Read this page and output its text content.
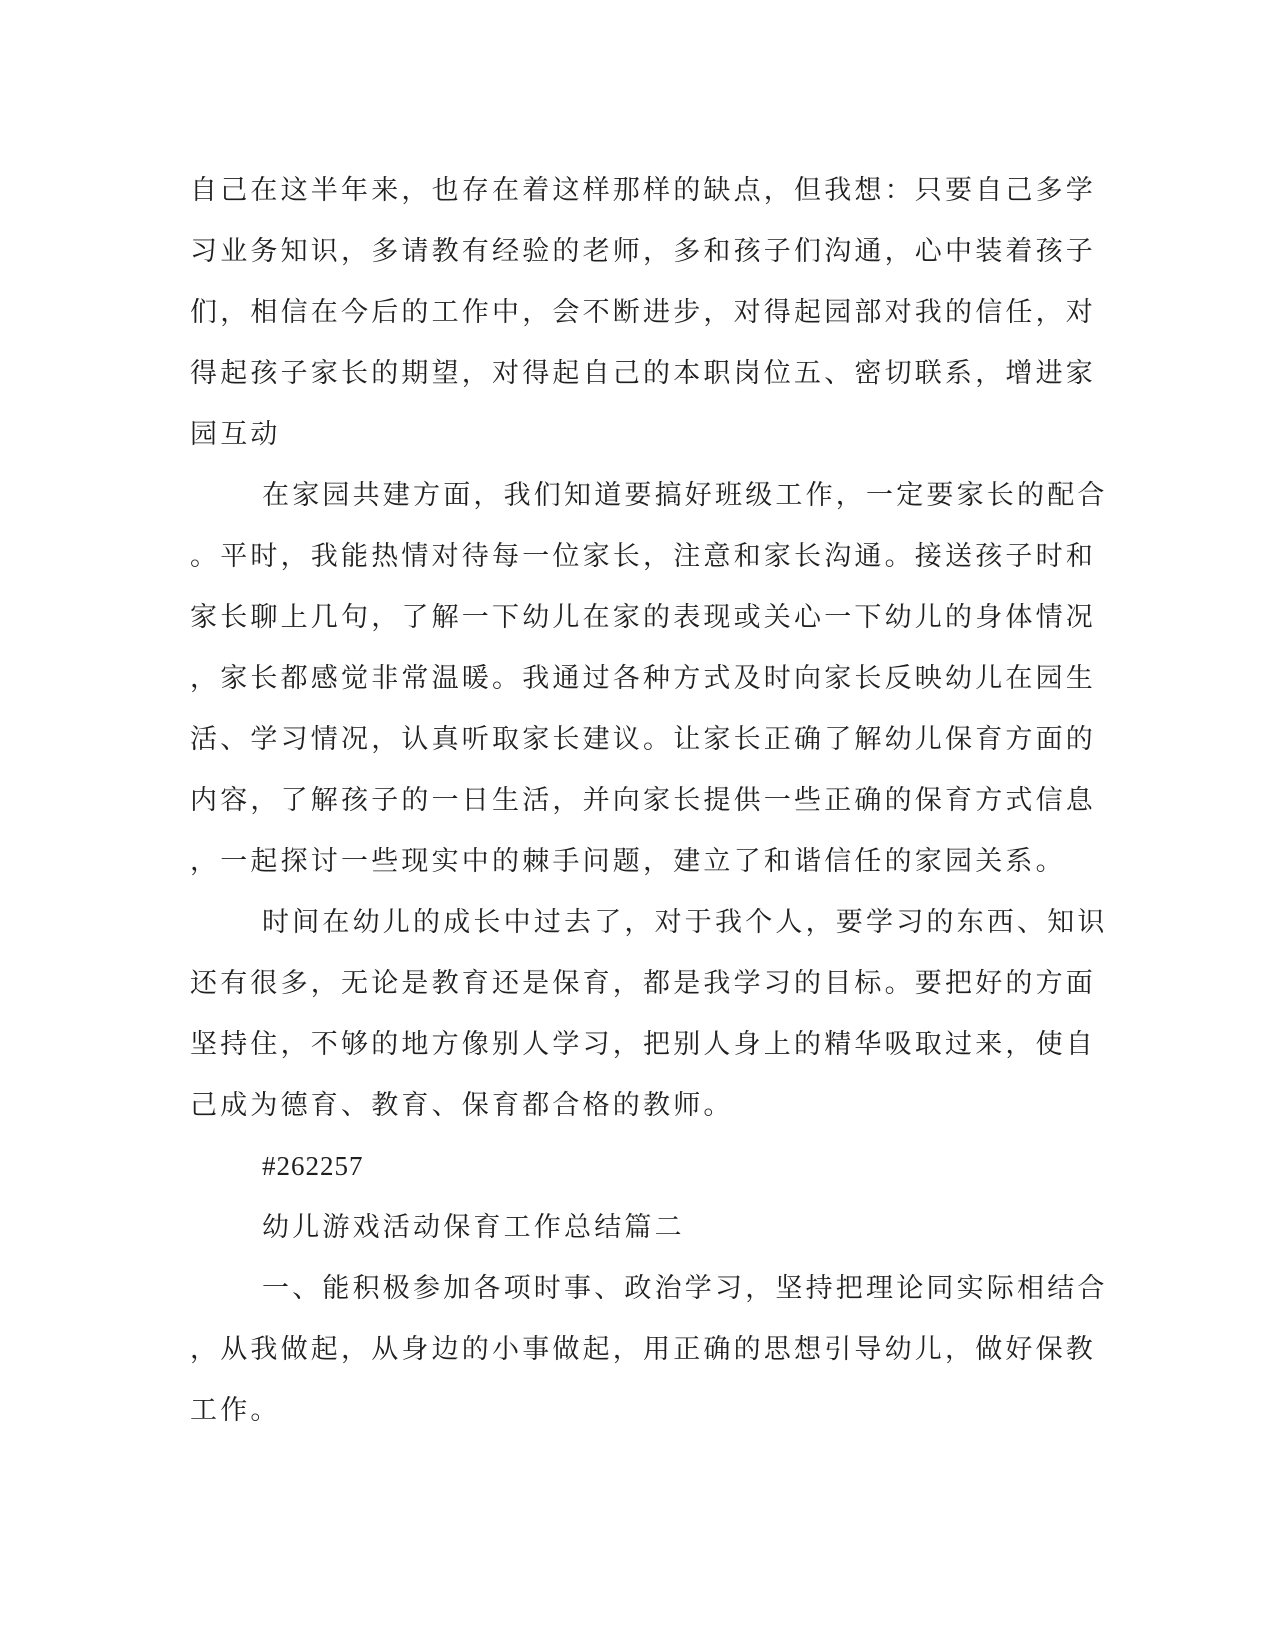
自己在这半年来，也存在着这样那样的缺点，但我想：只要自己多学
习业务知识，多请教有经验的老师，多和孩子们沟通，心中装着孩子
们，相信在今后的工作中，会不断进步，对得起园部对我的信任，对
得起孩子家长的期望，对得起自己的本职岗位五、密切联系，增进家
园互动
在家园共建方面，我们知道要搞好班级工作，一定要家长的配合
。平时，我能热情对待每一位家长，注意和家长沟通。接送孩子时和
家长聊上几句，了解一下幼儿在家的表现或关心一下幼儿的身体情况
，家长都感觉非常温暖。我通过各种方式及时向家长反映幼儿在园生
活、学习情况，认真听取家长建议。让家长正确了解幼儿保育方面的
内容，了解孩子的一日生活，并向家长提供一些正确的保育方式信息
，一起探讨一些现实中的棘手问题，建立了和谐信任的家园关系。
时间在幼儿的成长中过去了，对于我个人，要学习的东西、知识
还有很多，无论是教育还是保育，都是我学习的目标。要把好的方面
坚持住，不够的地方像别人学习，把别人身上的精华吸取过来，使自
己成为德育、教育、保育都合格的教师。
#262257
幼儿游戏活动保育工作总结篇二
一、能积极参加各项时事、政治学习，坚持把理论同实际相结合
，从我做起，从身边的小事做起，用正确的思想引导幼儿，做好保教
工作。
